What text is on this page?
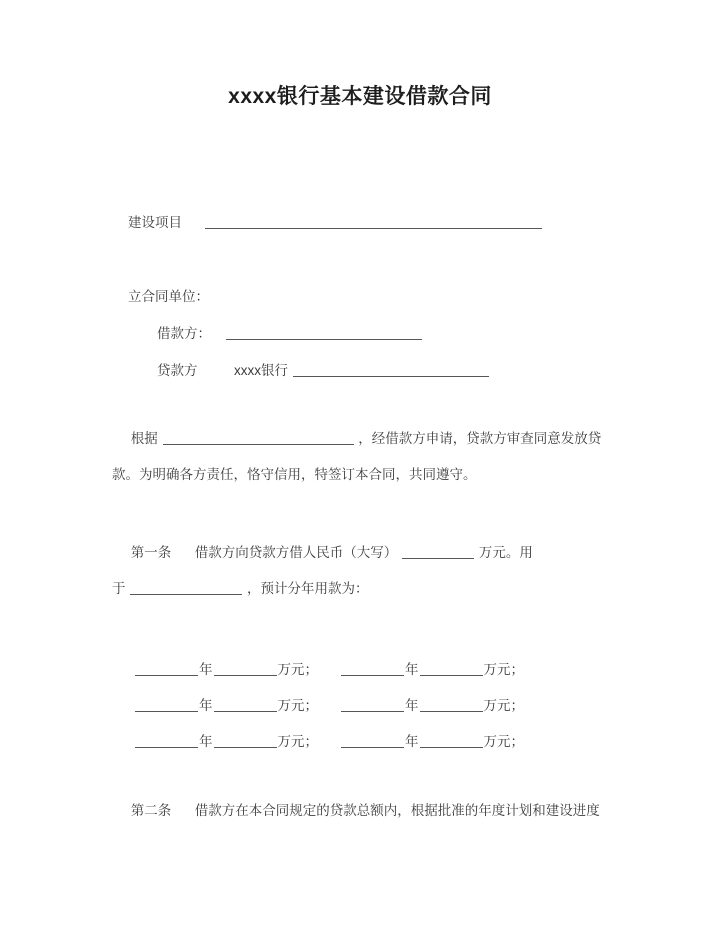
xxxx银行基本建设借款合同
建设项目
立合同单位：
借款方：
贷款方	xxxx银行
根据	，经借款方申请，贷款方审查同意发放贷
款。为明确各方责任，恪守信用，特签订本合同，共同遵守。
第一条 借款方向贷款方借人民币（大写）	万元。用
于	，预计分年用款为：
年	万元；	年	万元；
年	万元；	年	万元；
年	万元；	年	万元；
第二条 借款方在本合同规定的贷款总额内，根据批准的年度计划和建设进度
